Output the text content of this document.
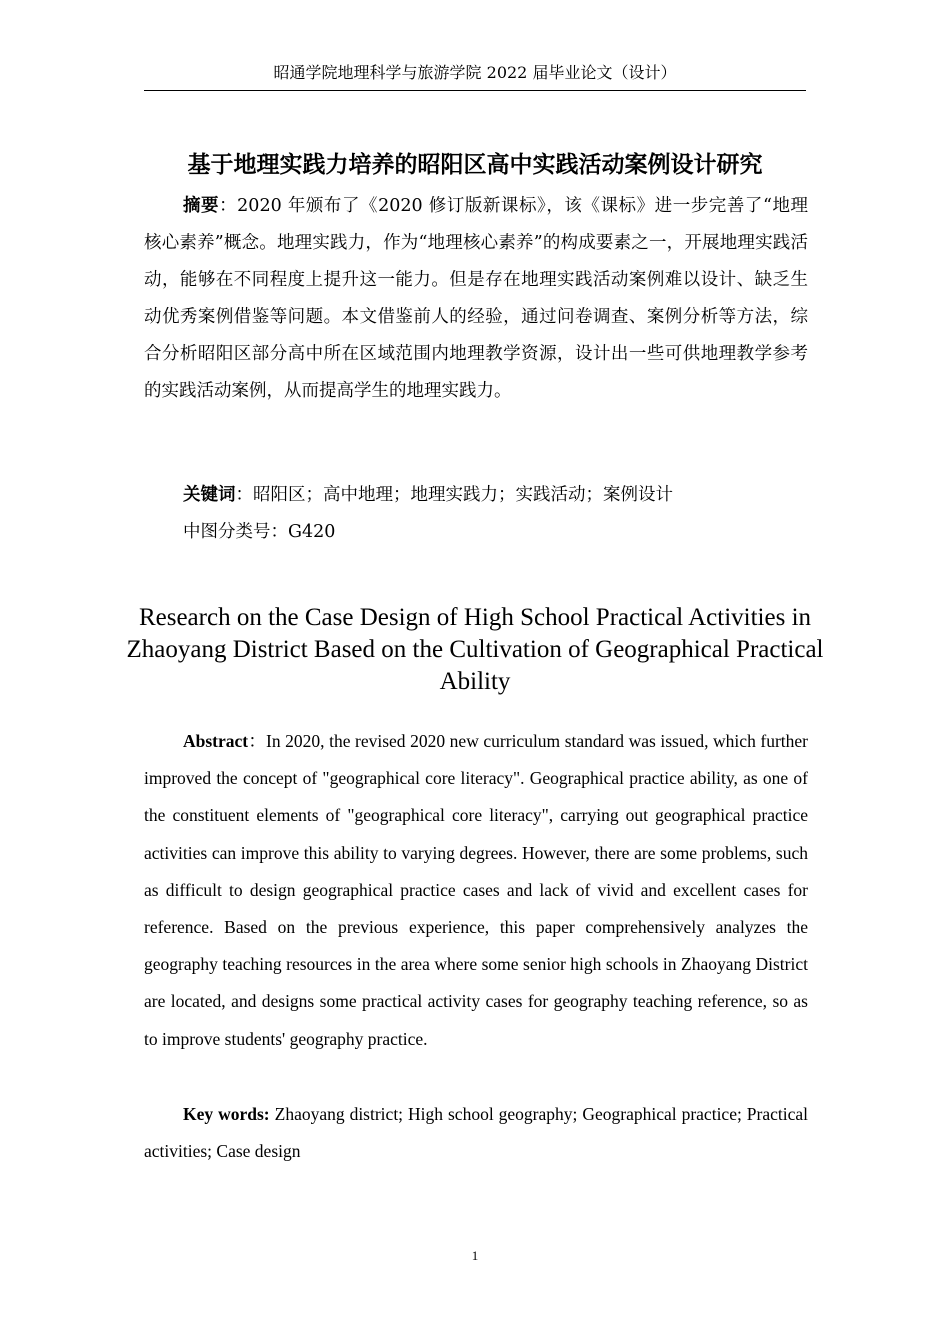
昭通学院地理科学与旅游学院 2022 届毕业论文（设计）
基于地理实践力培养的昭阳区高中实践活动案例设计研究
摘要：2020 年颁布了《2020 修订版新课标》，该《课标》进一步完善了“地理核心素养”概念。地理实践力，作为“地理核心素养”的构成要素之一，开展地理实践活动，能够在不同程度上提升这一能力。但是存在地理实践活动案例难以设计、缺乏生动优秀案例借鉴等问题。本文借鉴前人的经验，通过问卷调查、案例分析等方法，综合分析昭阳区部分高中所在区域范围内地理教学资源，设计出一些可供地理教学参考的实践活动案例，从而提高学生的地理实践力。
关键词：昭阳区；高中地理；地理实践力；实践活动；案例设计
中图分类号：G420
Research on the Case Design of High School Practical Activities in Zhaoyang District Based on the Cultivation of Geographical Practical Ability
Abstract：In 2020, the revised 2020 new curriculum standard was issued, which further improved the concept of "geographical core literacy". Geographical practice ability, as one of the constituent elements of "geographical core literacy", carrying out geographical practice activities can improve this ability to varying degrees. However, there are some problems, such as difficult to design geographical practice cases and lack of vivid and excellent cases for reference. Based on the previous experience, this paper comprehensively analyzes the geography teaching resources in the area where some senior high schools in Zhaoyang District are located, and designs some practical activity cases for geography teaching reference, so as to improve students' geography practice.
Key words: Zhaoyang district; High school geography; Geographical practice; Practical activities; Case design
1
